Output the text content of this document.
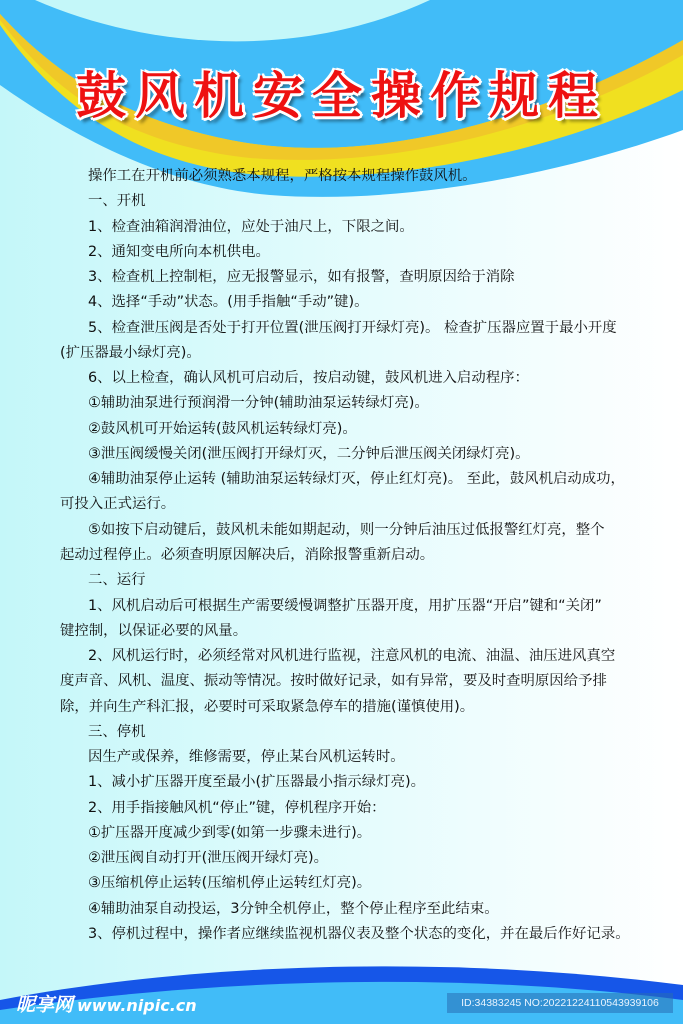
鼓风机安全操作规程
操作工在开机前必须熟悉本规程，严格按本规程操作鼓风机。
一、开机
1、检查油箱润滑油位，应处于油尺上，下限之间。
2、通知变电所向本机供电。
3、检查机上控制柜，应无报警显示，如有报警，查明原因给于消除
4、选择“手动”状态。(用手指触“手动”键)。
5、检查泄压阀是否处于打开位置(泄压阀打开绿灯亮)。 检查扩压器应置于最小开度
(扩压器最小绿灯亮)。
6、以上检查，确认风机可启动后，按启动键，鼓风机进入启动程序：
①辅助油泵进行预润滑一分钟(辅助油泵运转绿灯亮)。
②鼓风机可开始运转(鼓风机运转绿灯亮)。
③泄压阀缓慢关闭(泄压阀打开绿灯灭，二分钟后泄压阀关闭绿灯亮)。
④辅助油泵停止运转 (辅助油泵运转绿灯灭，停止红灯亮)。 至此，鼓风机启动成功，
可投入正式运行。
⑤如按下启动键后，鼓风机未能如期起动，则一分钟后油压过低报警红灯亮，整个
起动过程停止。必须查明原因解决后，消除报警重新启动。
二、运行
1、风机启动后可根据生产需要缓慢调整扩压器开度，用扩压器“开启”键和“关闭”
键控制，以保证必要的风量。
2、风机运行时，必须经常对风机进行监视，注意风机的电流、油温、油压进风真空
度声音、风机、温度、振动等情况。按时做好记录，如有异常，要及时查明原因给予排
除，并向生产科汇报，必要时可采取紧急停车的措施(谨慎使用)。
三、停机
因生产或保养，维修需要，停止某台风机运转时。
1、减小扩压器开度至最小(扩压器最小指示绿灯亮)。
2、用手指接触风机“停止”键，停机程序开始：
①扩压器开度减少到零(如第一步骤未进行)。
②泄压阀自动打开(泄压阀开绿灯亮)。
③压缩机停止运转(压缩机停止运转红灯亮)。
④辅助油泵自动投运，3分钟全机停止，整个停止程序至此结束。
3、停机过程中，操作者应继续监视机器仪表及整个状态的变化，并在最后作好记录。
昵享网 www.nipic.cn	ID:34383245 NO:20221224110543939106
